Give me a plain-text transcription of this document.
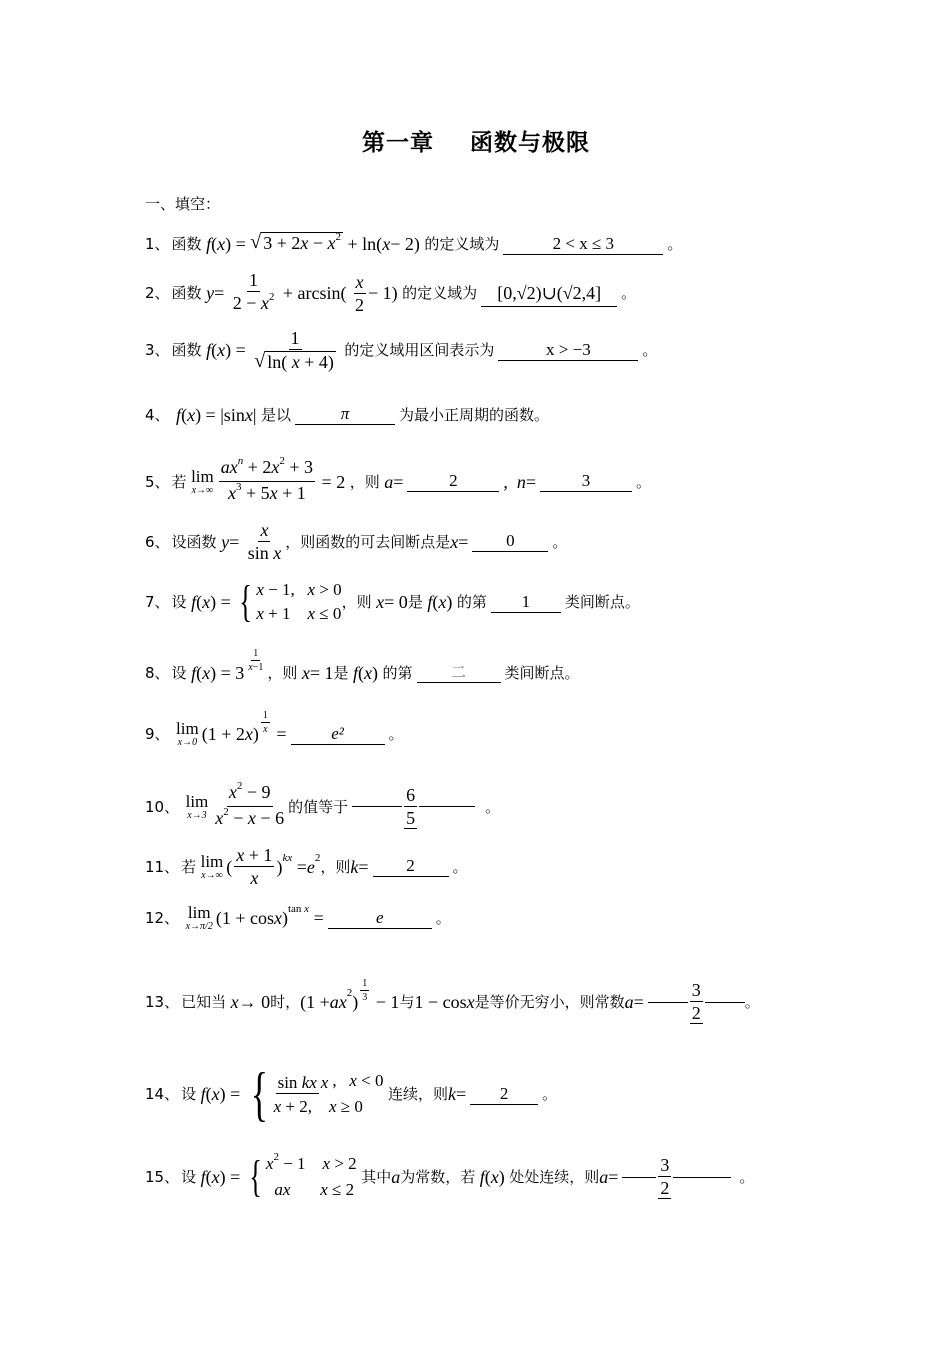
第一章    函数与极限
一、填空：
1、 函数
f ( x ) = √ $3 + 2x - x^2 + \ln$( x − 2) 的定义域为	2 < x ≤ 3	。
2、 函数
$y = \frac{1}{2 - x^2} + \arcsin( \frac{x}{2} - 1)$ 的定义域为	[0,√2)∪(√2,4]	。
3、 函数
f ( x ) = $\frac{1}{√ \ln( x + 4)}$
的定义域用区间表示为	x > −3	。
4、
f ( x ) = |sin x | 是以	π	为最小正周期的函数。
5、 若
lim
$x\to\infty \frac{ax^n + 2x^2 + 3}{x^3 + 5x + 1} = 2$ ，则
a =	2	, n =	3	。
6、 设函数
$y = \frac{x}{\text{sin x}}$ ，则函数的可去间断点是 x =	0	。
7、 设
f ( x ) = { x − 1,   x > 0
x + 1    x ≤ 0
，则
x = 0 是
f ( x ) 的第	1	类间断点。
8、 设
f ( x ) = $3 \frac{1}{x-1}$ ，则
x = 1 是
f ( x ) 的第	二	类间断点。
9、
lim
x→0 (1 + 2 x ) $\frac{1}{x}$ =	e²	。
10、
lim
$x\to 3 \frac{x^2 - 9}{x^2 - x - 6}$ 的值等于	$\frac{6}{5}$	。
11、 若
lim
x→∞ ( $\frac{x + 1}{x}$ ) kx = e 2 ，则 k =	2	。
12、
lim
x→π/2 (1 + cos x ) tan x =	e	。
13、 已知当
x → 0 时， (1 + ax 2 ) $\frac{1}{3} - 1$ 与 1 − cos x 是等价无穷小，则常数 a =	$\frac{3}{2}$	。
14、 设
f ( x ) = { sin kx x ,   x < 0
x + 2,    x ≥ 0

连续，则 k =	2	。
15、 设
f ( x ) = { x2 − 1    x > 2
ax x ≤ 2

其中 a 为常数，若
f ( x ) 处处连续，则 $a = \frac{3}{2}$	。
